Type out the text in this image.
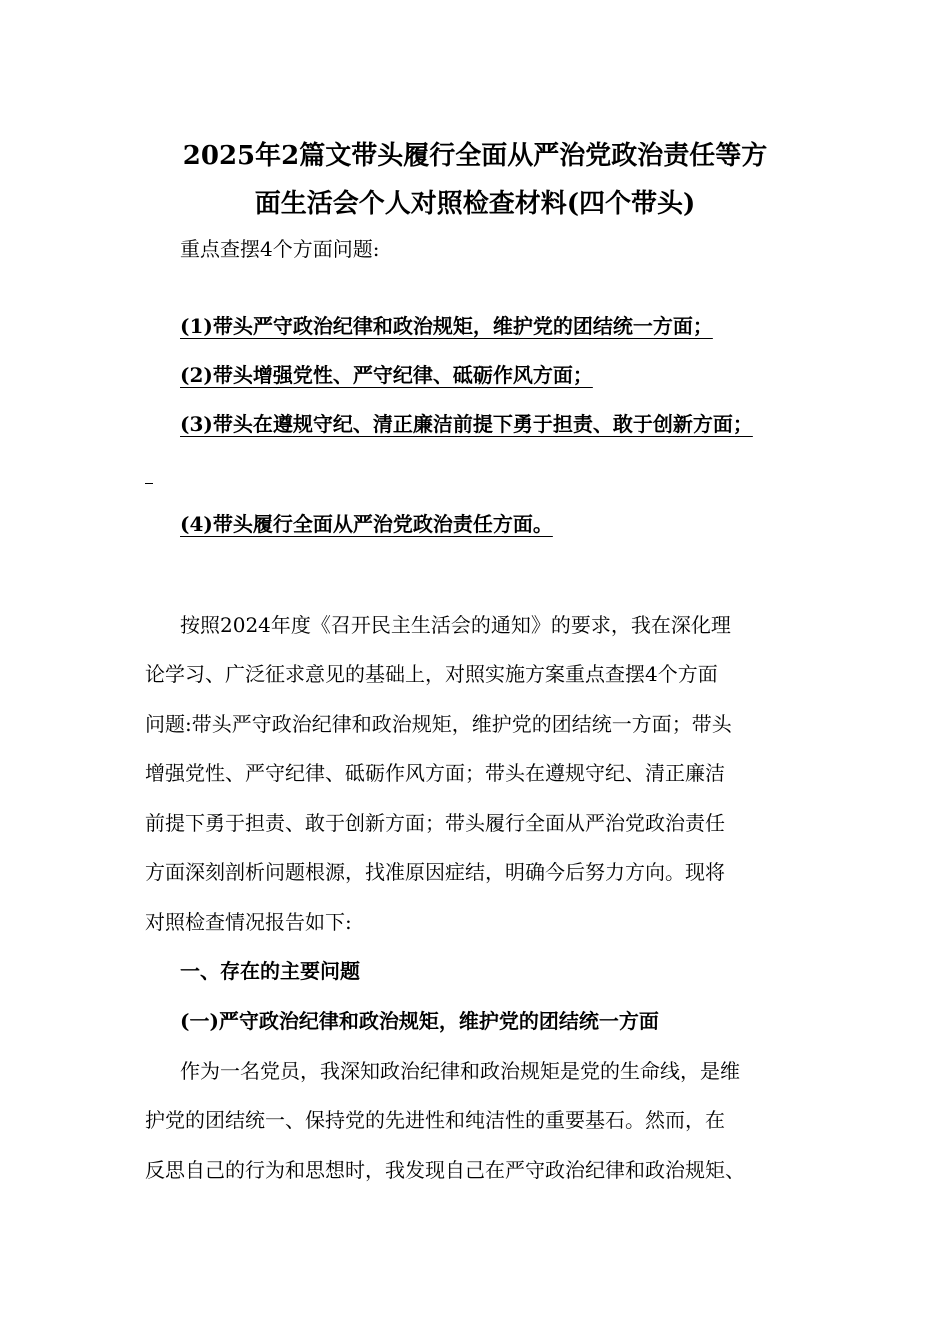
2025年2篇文带头履行全面从严治党政治责任等方
面生活会个人对照检查材料(四个带头)
重点查摆4个方面问题:
(1)带头严守政治纪律和政治规矩，维护党的团结统一方面；
(2)带头增强党性、严守纪律、砥砺作风方面；
(3)带头在遵规守纪、清正廉洁前提下勇于担责、敢于创新方面；
(4)带头履行全面从严治党政治责任方面。
按照2024年度《召开民主生活会的通知》的要求，我在深化理
论学习、广泛征求意见的基础上，对照实施方案重点查摆4个方面
问题:带头严守政治纪律和政治规矩，维护党的团结统一方面；带头
增强党性、严守纪律、砥砺作风方面；带头在遵规守纪、清正廉洁
前提下勇于担责、敢于创新方面；带头履行全面从严治党政治责任
方面深刻剖析问题根源，找准原因症结，明确今后努力方向。现将
对照检查情况报告如下:
一、存在的主要问题
(一)严守政治纪律和政治规矩，维护党的团结统一方面
作为一名党员，我深知政治纪律和政治规矩是党的生命线，是维
护党的团结统一、保持党的先进性和纯洁性的重要基石。然而，在
反思自己的行为和思想时，我发现自己在严守政治纪律和政治规矩、
